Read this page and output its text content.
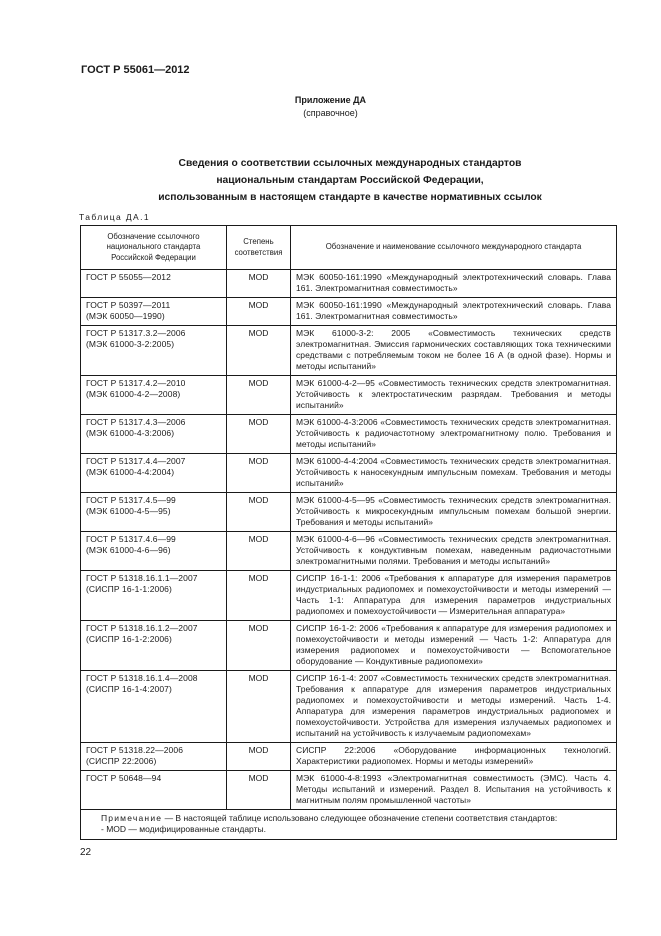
ГОСТ Р 55061—2012
Приложение ДА
(справочное)
Сведения о соответствии ссылочных международных стандартов
национальным стандартам Российской Федерации,
использованным в настоящем стандарте в качестве нормативных ссылок
Таблица ДА.1
Обозначение ссылочного национального стандарта Российской Федерации	Степень соответствия	Обозначение и наименование ссылочного международного стандарта
ГОСТ Р 55055—2012	MOD	МЭК 60050-161:1990 «Международный электротехнический словарь. Глава 161. Электромагнитная совместимость»
ГОСТ Р 50397—2011
(МЭК 60050—1990)	MOD	МЭК 60050-161:1990 «Международный электротехнический словарь. Глава 161. Электромагнитная совместимость»
ГОСТ Р 51317.3.2—2006
(МЭК 61000-3-2:2005)	MOD	МЭК 61000-3-2: 2005 «Совместимость технических средств электромагнитная. Эмиссия гармонических составляющих тока техническими средствами с потребляемым током не более 16 А (в одной фазе). Нормы и методы испытаний»
ГОСТ Р 51317.4.2—2010
(МЭК 61000-4-2—2008)	MOD	МЭК 61000-4-2—95 «Совместимость технических средств электромагнитная. Устойчивость к электростатическим разрядам. Требования и методы испытаний»
ГОСТ Р 51317.4.3—2006
(МЭК 61000-4-3:2006)	MOD	МЭК 61000-4-3:2006 «Совместимость технических средств электромагнитная. Устойчивость к радиочастотному электромагнитному полю. Требования и методы испытаний»
ГОСТ Р 51317.4.4—2007
(МЭК 61000-4-4:2004)	MOD	МЭК 61000-4-4:2004 «Совместимость технических средств электромагнитная. Устойчивость к наносекундным импульсным помехам. Требования и методы испытаний»
ГОСТ Р 51317.4.5—99
(МЭК 61000-4-5—95)	MOD	МЭК 61000-4-5—95 «Совместимость технических средств электромагнитная. Устойчивость к микросекундным импульсным помехам большой энергии. Требования и методы испытаний»
ГОСТ Р 51317.4.6—99
(МЭК 61000-4-6—96)	MOD	МЭК 61000-4-6—96 «Совместимость технических средств электромагнитная. Устойчивость к кондуктивным помехам, наведенным радиочастотными электромагнитными полями. Требования и методы испытаний»
ГОСТ Р 51318.16.1.1—2007
(СИСПР 16-1-1:2006)	MOD	СИСПР 16-1-1: 2006 «Требования к аппаратуре для измерения параметров индустриальных радиопомех и помехоустойчивости и методы измерений — Часть 1-1: Аппаратура для измерения параметров индустриальных радиопомех и помехоустойчивости — Измерительная аппаратура»
ГОСТ Р 51318.16.1.2—2007
(СИСПР 16-1-2:2006)	MOD	СИСПР 16-1-2: 2006 «Требования к аппаратуре для измерения радиопомех и помехоустойчивости и методы измерений — Часть 1-2: Аппаратура для измерения радиопомех и помехоустойчивости — Вспомогательное оборудование — Кондуктивные радиопомехи»
ГОСТ Р 51318.16.1.4—2008
(СИСПР 16-1-4:2007)	MOD	СИСПР 16-1-4: 2007 «Совместимость технических средств электромагнитная. Требования к аппаратуре для измерения параметров индустриальных радиопомех и помехоустойчивости и методы измерений. Часть 1-4. Аппаратура для измерения параметров индустриальных радиопомех и помехоустойчивости. Устройства для измерения излучаемых радиопомех и испытаний на устойчивость к излучаемым радиопомехам»
ГОСТ Р 51318.22—2006
(СИСПР 22:2006)	MOD	СИСПР 22:2006 «Оборудование информационных технологий. Характеристики радиопомех. Нормы и методы измерений»
ГОСТ Р 50648—94	MOD	МЭК 61000-4-8:1993 «Электромагнитная совместимость (ЭМС). Часть 4. Методы испытаний и измерений. Раздел 8. Испытания на устойчивость к магнитным полям промышленной частоты»

Примечание — В настоящей таблице использовано следующее обозначение степени соответствия стандартов:
- MOD — модифицированные стандарты.		
22
